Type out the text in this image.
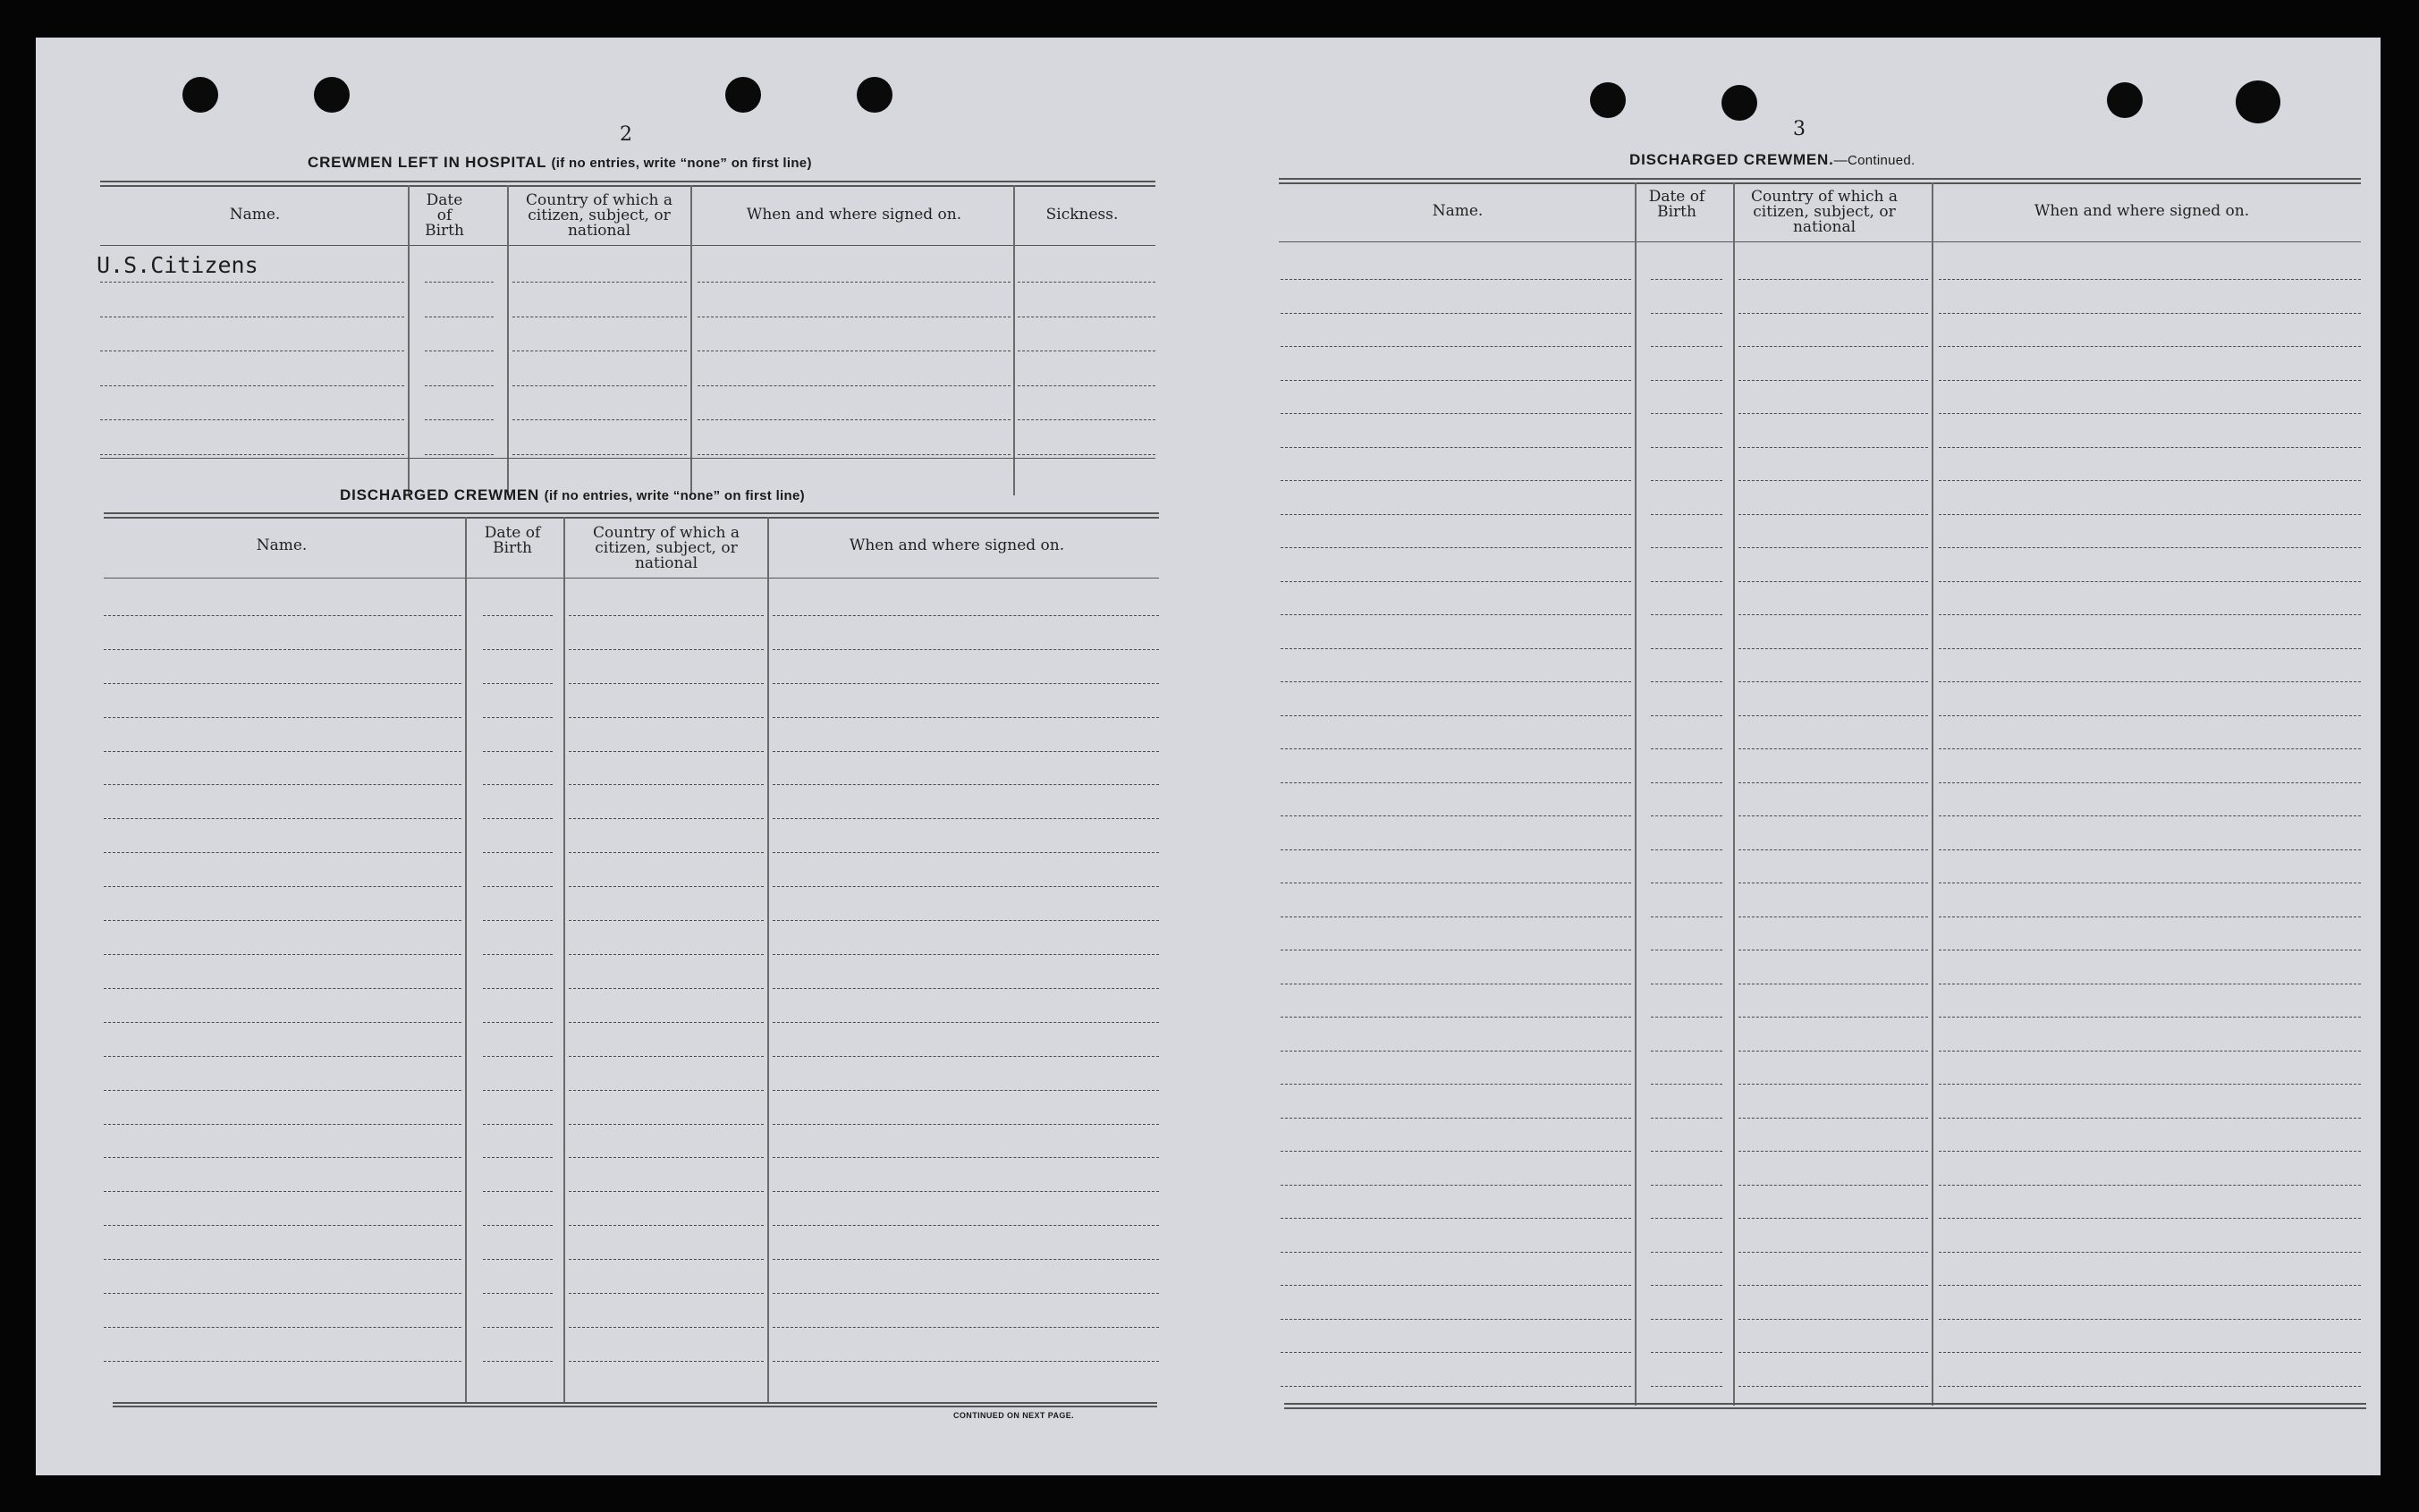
2
CREWMEN LEFT IN HOSPITAL (if no entries, write “none” on first line)
Name.
Date of Birth
Country of which a citizen, subject, or national
When and where signed on.	Sickness.
U.S.Citizens
DISCHARGED CREWMEN (if no entries, write “none” on first line)
Name.
Date of Birth
Country of which a citizen, subject, or national
When and where signed on.
CONTINUED ON NEXT PAGE.
3
DISCHARGED CREWMEN.—Continued.
Name.
Date of Birth
Country of which a citizen, subject, or national
When and where signed on.
